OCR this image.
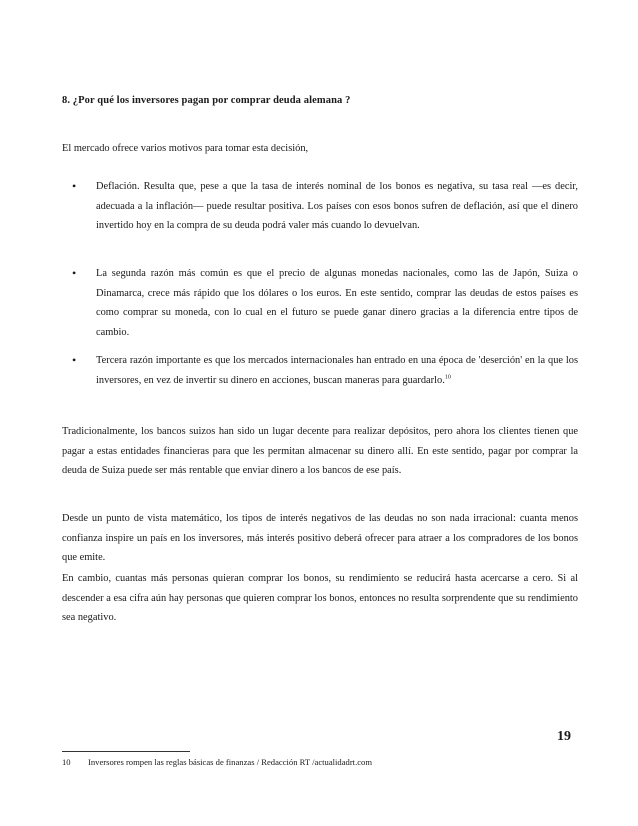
8. ¿Por qué los inversores pagan por comprar deuda alemana ?

El mercado ofrece varios motivos para tomar esta decisión,

• Deflación. Resulta que, pese a que la tasa de interés nominal de los bonos es negativa, su tasa real —es decir, adecuada a la inflación— puede resultar positiva. Los países con esos bonos sufren de deflación, así que el dinero invertido hoy en la compra de su deuda podrá valer más cuando lo devuelvan.
• La segunda razón más común es que el precio de algunas monedas nacionales, como las de Japón, Suiza o Dinamarca, crece más rápido que los dólares o los euros. En este sentido, comprar las deudas de estos países es como comprar su moneda, con lo cual en el futuro se puede ganar dinero gracias a la diferencia entre tipos de cambio.
• Tercera razón importante es que los mercados internacionales han entrado en una época de 'deserción' en la que los inversores, en vez de invertir su dinero en acciones, buscan maneras para guardarlo.$^{10}$

Tradicionalmente, los bancos suizos han sido un lugar decente para realizar depósitos, pero ahora los clientes tienen que pagar a estas entidades financieras para que les permitan almacenar su dinero allí. En este sentido, pagar por comprar la deuda de Suiza puede ser más rentable que enviar dinero a los bancos de ese país.

Desde un punto de vista matemático, los tipos de interés negativos de las deudas no son nada irracional: cuanta menos confianza inspire un país en los inversores, más interés positivo deberá ofrecer para atraer a los compradores de los bonos que emite.

En cambio, cuantas más personas quieran comprar los bonos, su rendimiento se reducirá hasta acercarse a cero. Si al descender a esa cifra aún hay personas que quieren comprar los bonos, entonces no resulta sorprendente que su rendimiento sea negativo.

19
10 Inversores rompen las reglas básicas de finanzas / Redacción RT /actualidadrt.com
